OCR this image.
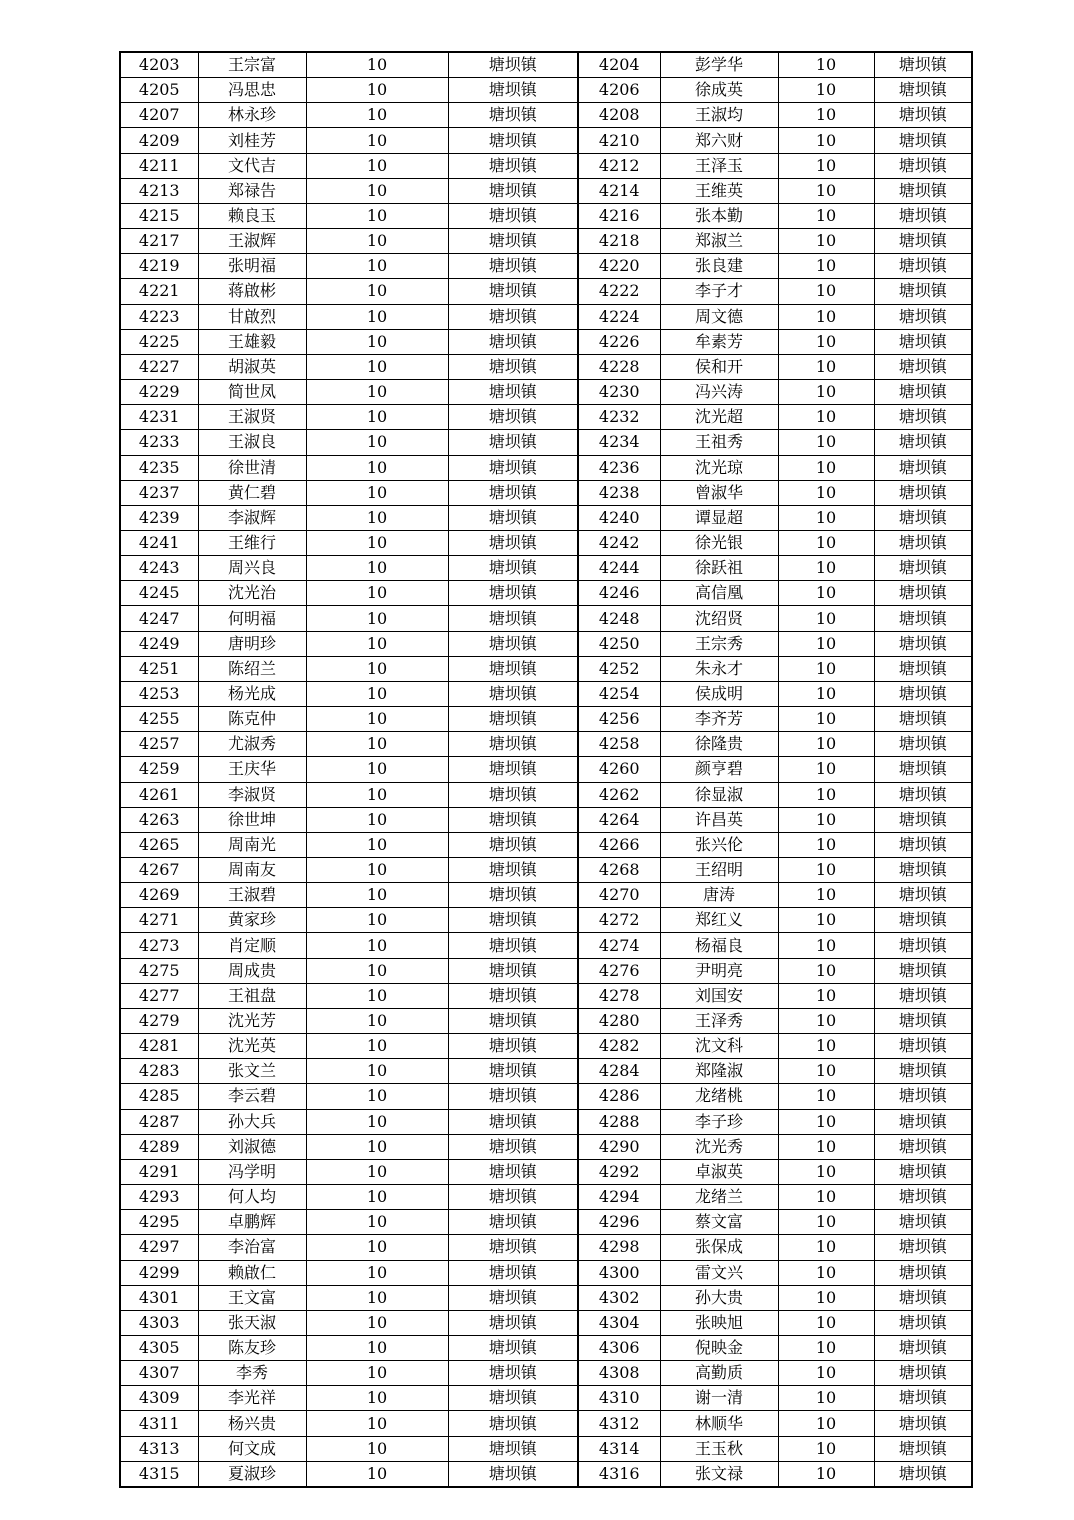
4203	王宗富	10	塘坝镇	4204	彭学华	10	塘坝镇
4205	冯思忠	10	塘坝镇	4206	徐成英	10	塘坝镇
4207	林永珍	10	塘坝镇	4208	王淑均	10	塘坝镇
4209	刘桂芳	10	塘坝镇	4210	郑六财	10	塘坝镇
4211	文代吉	10	塘坝镇	4212	王泽玉	10	塘坝镇
4213	郑禄告	10	塘坝镇	4214	王维英	10	塘坝镇
4215	赖良玉	10	塘坝镇	4216	张本勤	10	塘坝镇
4217	王淑辉	10	塘坝镇	4218	郑淑兰	10	塘坝镇
4219	张明福	10	塘坝镇	4220	张良建	10	塘坝镇
4221	蒋啟彬	10	塘坝镇	4222	李子才	10	塘坝镇
4223	甘啟烈	10	塘坝镇	4224	周文德	10	塘坝镇
4225	王雄毅	10	塘坝镇	4226	牟素芳	10	塘坝镇
4227	胡淑英	10	塘坝镇	4228	侯和开	10	塘坝镇
4229	简世凤	10	塘坝镇	4230	冯兴涛	10	塘坝镇
4231	王淑贤	10	塘坝镇	4232	沈光超	10	塘坝镇
4233	王淑良	10	塘坝镇	4234	王祖秀	10	塘坝镇
4235	徐世清	10	塘坝镇	4236	沈光琼	10	塘坝镇
4237	黄仁碧	10	塘坝镇	4238	曾淑华	10	塘坝镇
4239	李淑辉	10	塘坝镇	4240	谭显超	10	塘坝镇
4241	王维行	10	塘坝镇	4242	徐光银	10	塘坝镇
4243	周兴良	10	塘坝镇	4244	徐跃祖	10	塘坝镇
4245	沈光治	10	塘坝镇	4246	高信凰	10	塘坝镇
4247	何明福	10	塘坝镇	4248	沈绍贤	10	塘坝镇
4249	唐明珍	10	塘坝镇	4250	王宗秀	10	塘坝镇
4251	陈绍兰	10	塘坝镇	4252	朱永才	10	塘坝镇
4253	杨光成	10	塘坝镇	4254	侯成明	10	塘坝镇
4255	陈克仲	10	塘坝镇	4256	李齐芳	10	塘坝镇
4257	尤淑秀	10	塘坝镇	4258	徐隆贵	10	塘坝镇
4259	王庆华	10	塘坝镇	4260	颜亨碧	10	塘坝镇
4261	李淑贤	10	塘坝镇	4262	徐显淑	10	塘坝镇
4263	徐世坤	10	塘坝镇	4264	许昌英	10	塘坝镇
4265	周南光	10	塘坝镇	4266	张兴伦	10	塘坝镇
4267	周南友	10	塘坝镇	4268	王绍明	10	塘坝镇
4269	王淑碧	10	塘坝镇	4270	唐涛	10	塘坝镇
4271	黄家珍	10	塘坝镇	4272	郑红义	10	塘坝镇
4273	肖定顺	10	塘坝镇	4274	杨福良	10	塘坝镇
4275	周成贵	10	塘坝镇	4276	尹明亮	10	塘坝镇
4277	王祖盘	10	塘坝镇	4278	刘国安	10	塘坝镇
4279	沈光芳	10	塘坝镇	4280	王泽秀	10	塘坝镇
4281	沈光英	10	塘坝镇	4282	沈文科	10	塘坝镇
4283	张文兰	10	塘坝镇	4284	郑隆淑	10	塘坝镇
4285	李云碧	10	塘坝镇	4286	龙绪桃	10	塘坝镇
4287	孙大兵	10	塘坝镇	4288	李子珍	10	塘坝镇
4289	刘淑德	10	塘坝镇	4290	沈光秀	10	塘坝镇
4291	冯学明	10	塘坝镇	4292	卓淑英	10	塘坝镇
4293	何人均	10	塘坝镇	4294	龙绪兰	10	塘坝镇
4295	卓鹏辉	10	塘坝镇	4296	蔡文富	10	塘坝镇
4297	李治富	10	塘坝镇	4298	张保成	10	塘坝镇
4299	赖啟仁	10	塘坝镇	4300	雷文兴	10	塘坝镇
4301	王文富	10	塘坝镇	4302	孙大贵	10	塘坝镇
4303	张天淑	10	塘坝镇	4304	张映旭	10	塘坝镇
4305	陈友珍	10	塘坝镇	4306	倪映金	10	塘坝镇
4307	李秀	10	塘坝镇	4308	高勤质	10	塘坝镇
4309	李光祥	10	塘坝镇	4310	谢一清	10	塘坝镇
4311	杨兴贵	10	塘坝镇	4312	林顺华	10	塘坝镇
4313	何文成	10	塘坝镇	4314	王玉秋	10	塘坝镇
4315	夏淑珍	10	塘坝镇	4316	张文禄	10	塘坝镇
